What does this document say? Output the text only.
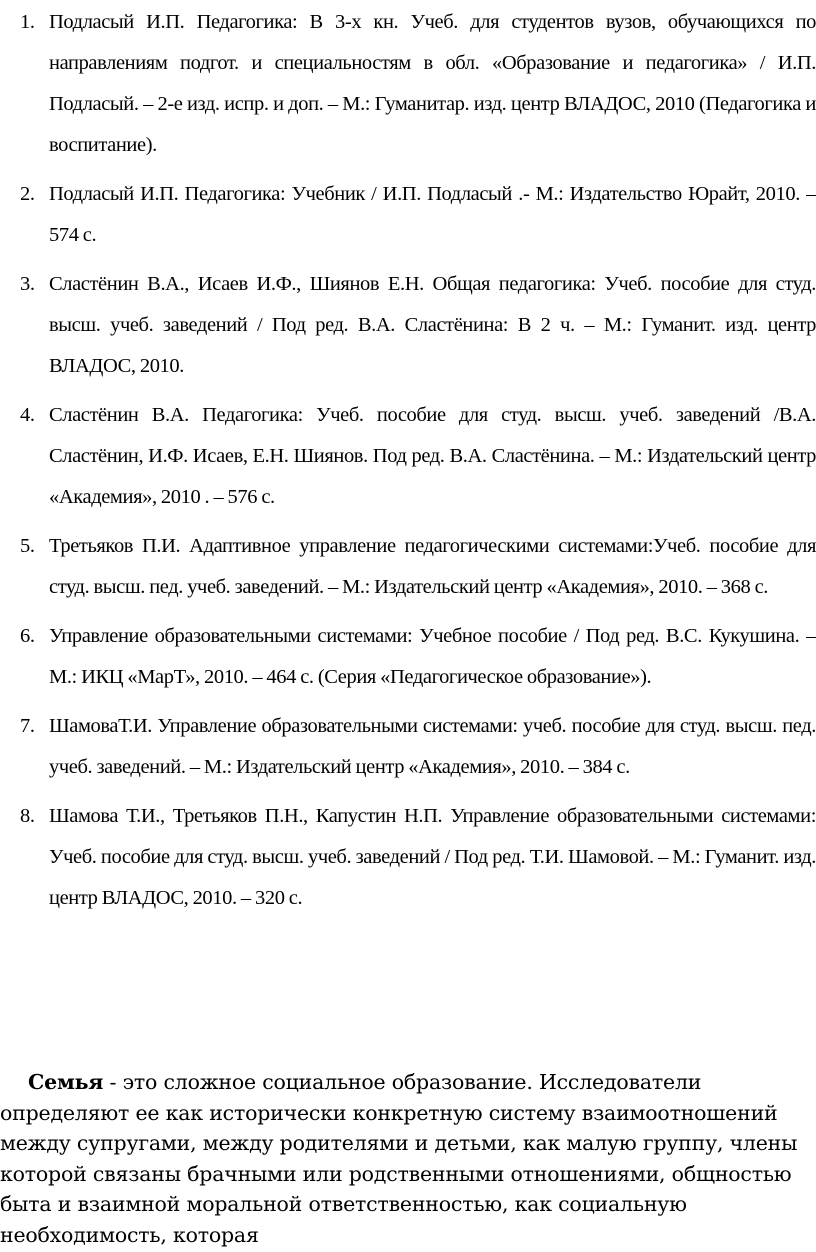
1. Подласый И.П. Педагогика: В 3-х кн. Учеб. для студентов вузов, обучающихся по направлениям подгот. и специальностям в обл. «Образование и педагогика» / И.П. Подласый. – 2-е изд. испр. и доп. – М.: Гуманитар. изд. центр ВЛАДОС, 2010 (Педагогика и воспитание).
2. Подласый И.П. Педагогика: Учебник / И.П. Подласый .- М.: Издательство Юрайт, 2010. – 574 с.
3. Сластёнин В.А., Исаев И.Ф., Шиянов Е.Н. Общая педагогика: Учеб. пособие для студ. высш. учеб. заведений / Под ред. В.А. Сластёнина: В 2 ч. – М.: Гуманит. изд. центр ВЛАДОС, 2010.
4. Сластёнин В.А. Педагогика: Учеб. пособие для студ. высш. учеб. заведений /В.А. Сластёнин, И.Ф. Исаев, Е.Н. Шиянов. Под ред. В.А. Сластёнина. – М.: Издательский центр «Академия», 2010 . – 576 с.
5. Третьяков П.И. Адаптивное управление педагогическими системами:Учеб. пособие для студ. высш. пед. учеб. заведений. – М.: Издательский центр «Академия», 2010. – 368 с.
6. Управление образовательными системами: Учебное пособие / Под ред. В.С. Кукушина. – М.: ИКЦ «МарТ», 2010. – 464 с. (Серия «Педагогическое образование»).
7. ШамоваТ.И. Управление образовательными системами: учеб. пособие для студ. высш. пед. учеб. заведений. – М.: Издательский центр «Академия», 2010. – 384 с.
8. Шамова Т.И., Третьяков П.Н., Капустин Н.П. Управление образовательными системами: Учеб. пособие для студ. высш. учеб. заведений / Под ред. Т.И. Шамовой. – М.: Гуманит. изд. центр ВЛАДОС, 2010. – 320 с.

Семья - это сложное социальное образование. Исследователи определяют ее как исторически конкретную систему взаимоотношений между супругами, между родителями и детьми, как малую группу, члены которой связаны брачными или родственными отношениями, общностью быта и взаимной моральной ответственностью, как социальную необходимость, которая
